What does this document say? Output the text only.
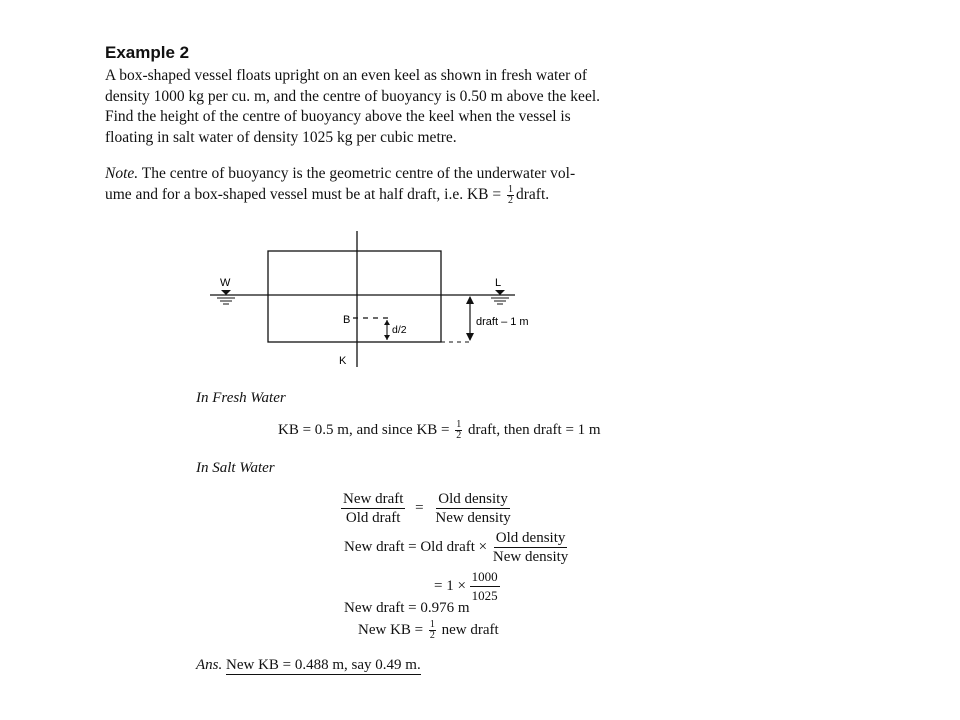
Example 2

A box-shaped vessel floats upright on an even keel as shown in fresh water of

density 1000 kg per cu. m, and the centre of buoyancy is 0.50 m above the keel.

Find the height of the centre of buoyancy above the keel when the vessel is

floating in salt water of density 1025 kg per cubic metre.

Note. The centre of buoyancy is the geometric centre of the underwater vol-

ume and for a box-shaped vessel must be at half draft, i.e. KB = $\frac{1}{2}$ draft.

W	L
B
d/2
K
draft – 1 m
In Fresh Water
KB = 0.5 m, and since KB = $\frac{1}{2}$ draft, then draft = 1 m
In Salt Water
$\frac{\text{New draft}}{\text{Old draft}} = \frac{\text{Old density}}{\text{New density}}$
New draft = Old draft × $\frac{\text{Old density}}{\text{New density}}$
= $1 \times \frac{1000}{1025}$
New draft = 0.976 m
New KB = $\frac{1}{2}$ new draft
Ans. New KB = 0.488 m, say 0.49 m.
